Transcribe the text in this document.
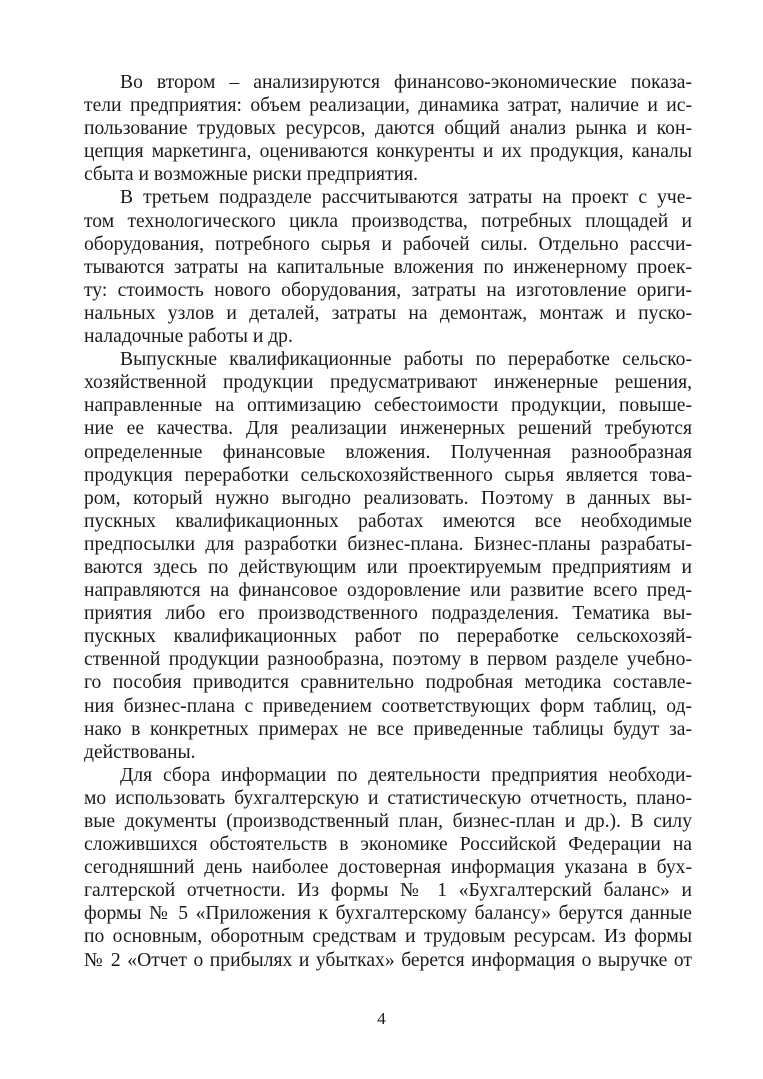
Во втором – анализируются финансово-экономические показа-
тели предприятия: объем реализации, динамика затрат, наличие и ис-
пользование трудовых ресурсов, даются общий анализ рынка и кон-
цепция маркетинга, оцениваются конкуренты и их продукция, каналы
сбыта и возможные риски предприятия.

В третьем подразделе рассчитываются затраты на проект с уче-
том технологического цикла производства, потребных площадей и
оборудования, потребного сырья и рабочей силы. Отдельно рассчи-
тываются затраты на капитальные вложения по инженерному проек-
ту: стоимость нового оборудования, затраты на изготовление ориги-
нальных узлов и деталей, затраты на демонтаж, монтаж и пуско-
наладочные работы и др.

Выпускные квалификационные работы по переработке сельско-
хозяйственной продукции предусматривают инженерные решения,
направленные на оптимизацию себестоимости продукции, повыше-
ние ее качества. Для реализации инженерных решений требуются
определенные финансовые вложения. Полученная разнообразная
продукция переработки сельскохозяйственного сырья является това-
ром, который нужно выгодно реализовать. Поэтому в данных вы-
пускных квалификационных работах имеются все необходимые
предпосылки для разработки бизнес-плана. Бизнес-планы разрабаты-
ваются здесь по действующим или проектируемым предприятиям и
направляются на финансовое оздоровление или развитие всего пред-
приятия либо его производственного подразделения. Тематика вы-
пускных квалификационных работ по переработке сельскохозяй-
ственной продукции разнообразна, поэтому в первом разделе учебно-
го пособия приводится сравнительно подробная методика составле-
ния бизнес-плана с приведением соответствующих форм таблиц, од-
нако в конкретных примерах не все приведенные таблицы будут за-
действованы.

Для сбора информации по деятельности предприятия необходи-
мо использовать бухгалтерскую и статистическую отчетность, плано-
вые документы (производственный план, бизнес-план и др.). В силу
сложившихся обстоятельств в экономике Российской Федерации на
сегодняшний день наиболее достоверная информация указана в бух-
галтерской отчетности. Из формы № 1 «Бухгалтерский баланс» и
формы № 5 «Приложения к бухгалтерскому балансу» берутся данные
по основным, оборотным средствам и трудовым ресурсам. Из формы
№ 2 «Отчет о прибылях и убытках» берется информация о выручке от

4
